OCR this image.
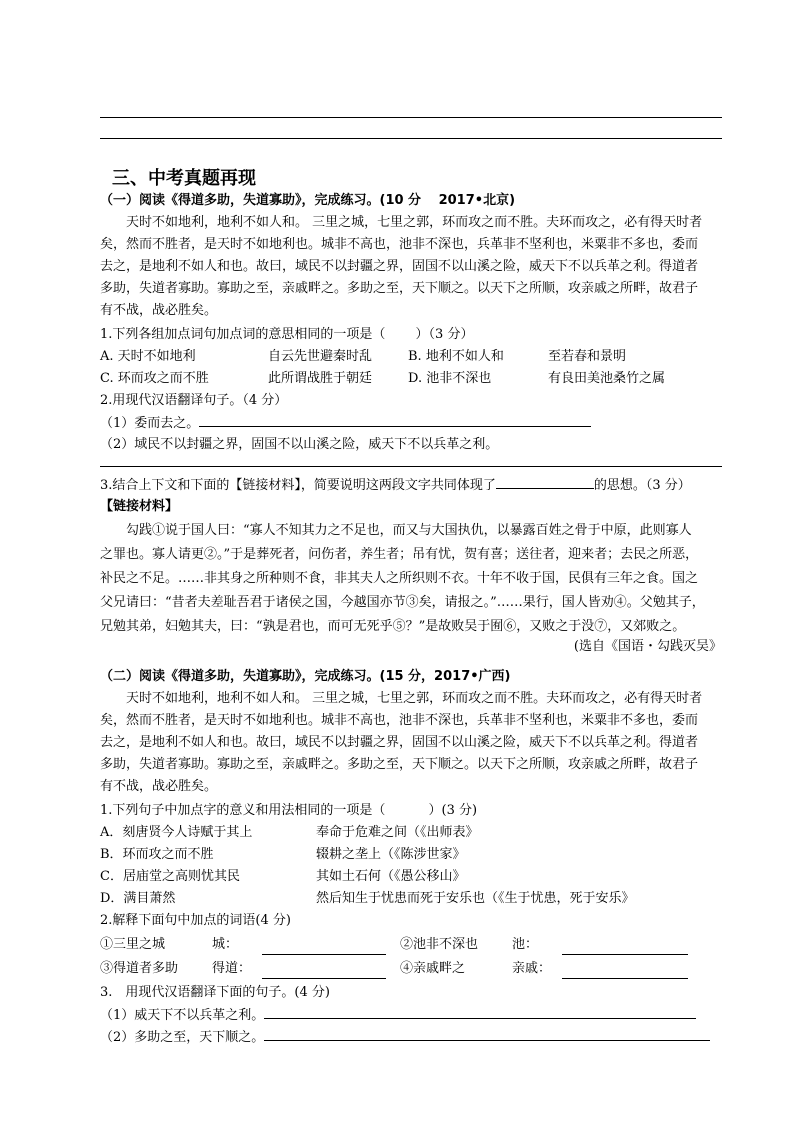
三、中考真题再现
（一）阅读《得道多助，失道寡助》，完成练习。(10 分　 2017•北京)
天时不如地利，地利不如人和。 三里之城，七里之郭，环而攻之而不胜。夫环而攻之，必有得天时者
矣，然而不胜者，是天时不如地利也。城非不高也，池非不深也，兵革非不坚利也，米粟非不多也，委而
去之，是地利不如人和也。故曰，域民不以封疆之界，固国不以山溪之险，威天下不以兵革之利。得道者
多助，失道者寡助。寡助之至，亲戚畔之。多助之至，天下顺之。以天下之所顺，攻亲戚之所畔，故君子
有不战，战必胜矣。
1.下列各组加点词句加点词的意思相同的一项是（　　 ）（3 分）
A. 天时不如地利	自云先世避秦时乱	B. 地利不如人和	至若春和景明
C. 环而攻之而不胜	此所谓战胜于朝廷	D. 池非不深也	有良田美池桑竹之属
2.用现代汉语翻译句子。（4 分）
（1）委而去之。
（2）域民不以封疆之界，固国不以山溪之险，威天下不以兵革之利。
3.结合上下文和下面的【链接材料】，简要说明这两段文字共同体现了	的思想。（3 分）
【链接材料】
勾践①说于国人曰：“寡人不知其力之不足也，而又与大国执仇，以暴露百姓之骨于中原，此则寡人
之罪也。寡人请更②。”于是葬死者，问伤者，养生者；吊有忧，贺有喜；送往者，迎来者；去民之所恶，
补民之不足。……非其身之所种则不食，非其夫人之所织则不衣。十年不收于国，民俱有三年之食。国之
父兄请曰：“昔者夫差耻吾君于诸侯之国，今越国亦节③矣，请报之。”……果行，国人皆劝④。父勉其子，
兄勉其弟，妇勉其夫，曰：“孰是君也，而可无死乎⑤？”是故败吴于囿⑥，又败之于没⑦，又郊败之。
(选自《国语・勾践灭吴》
（二）阅读《得道多助，失道寡助》，完成练习。(15 分，2017•广西)
天时不如地利，地利不如人和。 三里之城，七里之郭，环而攻之而不胜。夫环而攻之，必有得天时者
矣，然而不胜者，是天时不如地利也。城非不高也，池非不深也，兵革非不坚利也，米粟非不多也，委而
去之，是地利不如人和也。故曰，域民不以封疆之界，固国不以山溪之险，威天下不以兵革之利。得道者
多助，失道者寡助。寡助之至，亲戚畔之。多助之至，天下顺之。以天下之所顺，攻亲戚之所畔，故君子
有不战，战必胜矣。
1.下列句子中加点字的意义和用法相同的一项是（　　 　）(3 分)
A．刻唐贤今人诗赋于其上	奉命于危难之间（《出师表》
B．环而攻之而不胜	辍耕之垄上（《陈涉世家》
C．居庙堂之高则忧其民	其如土石何（《愚公移山》
D．满目萧然	然后知生于忧患而死于安乐也（《生于忧患，死于安乐》
2.解释下面句中加点的词语(4 分)
①三里之城	城：	②池非不深也	池：
③得道者多助	得道：	④亲戚畔之	亲戚：
3.　用现代汉语翻译下面的句子。(4 分)
（1）威天下不以兵革之利。
（2）多助之至，天下顺之。
